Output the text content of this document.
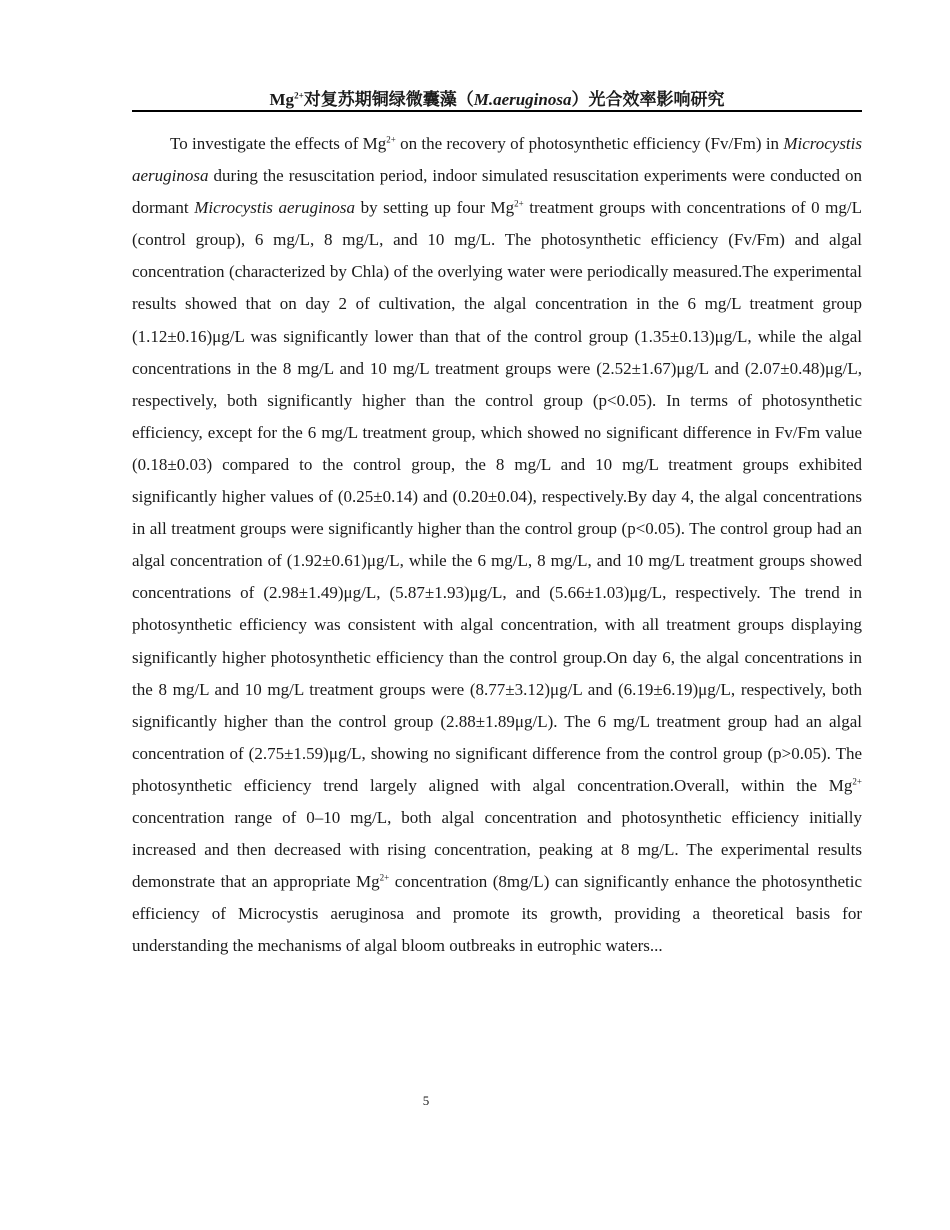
$Mg^{2+}$对复苏期铜绿微囊藻（M.aeruginosa）光合效率影响研究

To investigate the effects of $Mg^{2+}$ on the recovery of photosynthetic efficiency (Fv/Fm) in Microcystis aeruginosa during the resuscitation period, indoor simulated resuscitation experiments were conducted on dormant Microcystis aeruginosa by setting up four $Mg^{2+}$ treatment groups with concentrations of 0 mg/L (control group), 6 mg/L, 8 mg/L, and 10 mg/L. The photosynthetic efficiency (Fv/Fm) and algal concentration (characterized by Chla) of the overlying water were periodically measured.The experimental results showed that on day 2 of cultivation, the algal concentration in the 6 mg/L treatment group (1.12±0.16)μg/L was significantly lower than that of the control group (1.35±0.13)μg/L, while the algal concentrations in the 8 mg/L and 10 mg/L treatment groups were (2.52±1.67)μg/L and (2.07±0.48)μg/L, respectively, both significantly higher than the control group (p<0.05). In terms of photosynthetic efficiency, except for the 6 mg/L treatment group, which showed no significant difference in Fv/Fm value (0.18±0.03) compared to the control group, the 8 mg/L and 10 mg/L treatment groups exhibited significantly higher values of (0.25±0.14) and (0.20±0.04), respectively.By day 4, the algal concentrations in all treatment groups were significantly higher than the control group (p<0.05). The control group had an algal concentration of (1.92±0.61)μg/L, while the 6 mg/L, 8 mg/L, and 10 mg/L treatment groups showed concentrations of (2.98±1.49)μg/L, (5.87±1.93)μg/L, and (5.66±1.03)μg/L, respectively. The trend in photosynthetic efficiency was consistent with algal concentration, with all treatment groups displaying significantly higher photosynthetic efficiency than the control group.On day 6, the algal concentrations in the 8 mg/L and 10 mg/L treatment groups were (8.77±3.12)μg/L and (6.19±6.19)μg/L, respectively, both significantly higher than the control group (2.88±1.89μg/L). The 6 mg/L treatment group had an algal concentration of (2.75±1.59)μg/L, showing no significant difference from the control group (p>0.05). The photosynthetic efficiency trend largely aligned with algal concentration.Overall, within the $Mg^{2+}$ concentration range of 0–10 mg/L, both algal concentration and photosynthetic efficiency initially increased and then decreased with rising concentration, peaking at 8 mg/L. The experimental results demonstrate that an appropriate $Mg^{2+}$ concentration (8mg/L) can significantly enhance the photosynthetic efficiency of Microcystis aeruginosa and promote its growth, providing a theoretical basis for understanding the mechanisms of algal bloom outbreaks in eutrophic waters...

5
